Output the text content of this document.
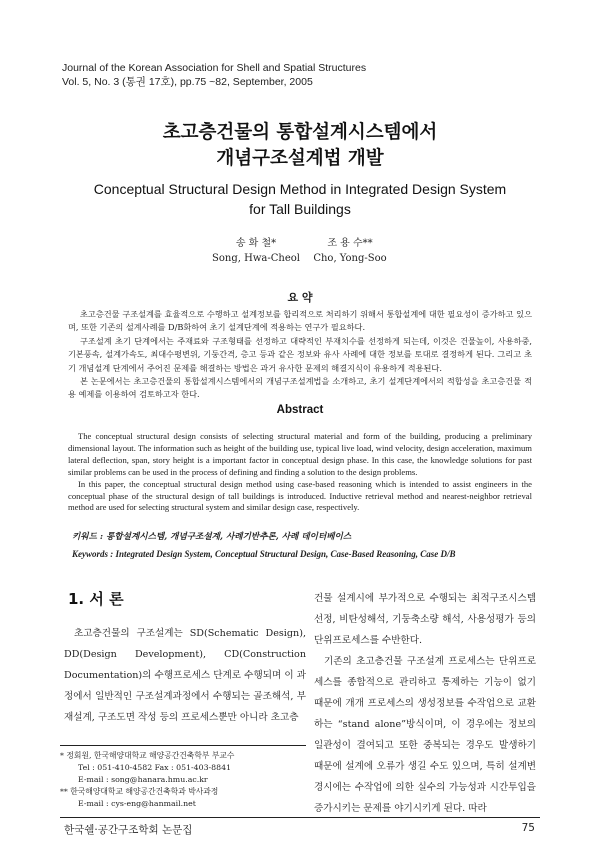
Journal of the Korean Association for Shell and Spatial Structures
Vol. 5, No. 3 (통권 17호), pp.75 ~82, September, 2005
초고층건물의 통합설계시스템에서
개념구조설계법 개발
Conceptual Structural Design Method in Integrated Design System
for Tall Buildings
송 화 철*
Song, Hwa-Cheol
조 용 수**
Cho, Yong-Soo
요 약
초고층건물 구조설계를 효율적으로 수행하고 설계정보를 합리적으로 처리하기 위해서 통합설계에 대한 필요성이 증가하고 있으며, 또한 기존의 설계사례를 D/B화하여 초기 설계단계에 적용하는 연구가 필요하다.
구조설계 초기 단계에서는 주재료와 구조형태를 선정하고 대략적인 부재치수를 선정하게 되는데, 이것은 건물높이, 사용하중, 기본풍속, 설계가속도, 최대수평변위, 기둥간격, 층고 등과 같은 정보와 유사 사례에 대한 정보를 토대로 결정하게 된다. 그리고 초기 개념설계 단계에서 주어진 문제를 해결하는 방법은 과거 유사한 문제의 해결지식이 유용하게 적용된다.
본 논문에서는 초고층건물의 통합설계시스템에서의 개념구조설계법을 소개하고, 초기 설계단계에서의 적합성을 초고층건물 적용 예제를 이용하여 검토하고자 한다.
Abstract
The conceptual structural design consists of selecting structural material and form of the building, producing a preliminary dimensional layout. The information such as height of the building use, typical live load, wind velocity, design acceleration, maximum lateral deflection, span, story height is a important factor in conceptual design phase. In this case, the knowledge solutions for past similar problems can be used in the process of defining and finding a solution to the design problems.
In this paper, the conceptual structural design method using case-based reasoning which is intended to assist engineers in the conceptual phase of the structural design of tall buildings is introduced. Inductive retrieval method and nearest-neighbor retrieval method are used for selecting structural system and similar design case, respectively.
키워드 : 통합설계시스템, 개념구조설계, 사례기반추론, 사례 데이터베이스
Keywords : Integrated Design System, Conceptual Structural Design, Case-Based Reasoning, Case D/B
1. 서 론
초고층건물의 구조설계는 SD(Schematic Design), DD(Design Development), CD(Construction Documentation)의 수행프로세스 단계로 수행되며 이 과정에서 일반적인 구조설계과정에서 수행되는 골조해석, 부재설계, 구조도면 작성 등의 프로세스뿐만 아니라 초고층
* 정회원, 한국해양대학교 해양공간건축학부 부교수
Tel : 051-410-4582 Fax : 051-403-8841
E-mail : song@hanara.hmu.ac.kr
** 한국해양대학교 해양공간건축학과 박사과정
E-mail : cys-eng@hanmail.net
건물 설계시에 부가적으로 수행되는 최적구조시스템 선정, 비탄성해석, 기둥축소량 해석, 사용성평가 등의 단위프로세스를 수반한다.
기존의 초고층건물 구조설계 프로세스는 단위프로세스를 종합적으로 관리하고 통제하는 기능이 없기 때문에 개개 프로세스의 생성정보를 수작업으로 교환하는 “stand alone”방식이며, 이 경우에는 정보의 일관성이 결여되고 또한 중복되는 경우도 발생하기 때문에 설계에 오류가 생길 수도 있으며, 특히 설계변경시에는 수작업에 의한 실수의 가능성과 시간투입을 증가시키는 문제를 야기시키게 된다. 따라
한국쉘·공간구조학회 논문집	75
